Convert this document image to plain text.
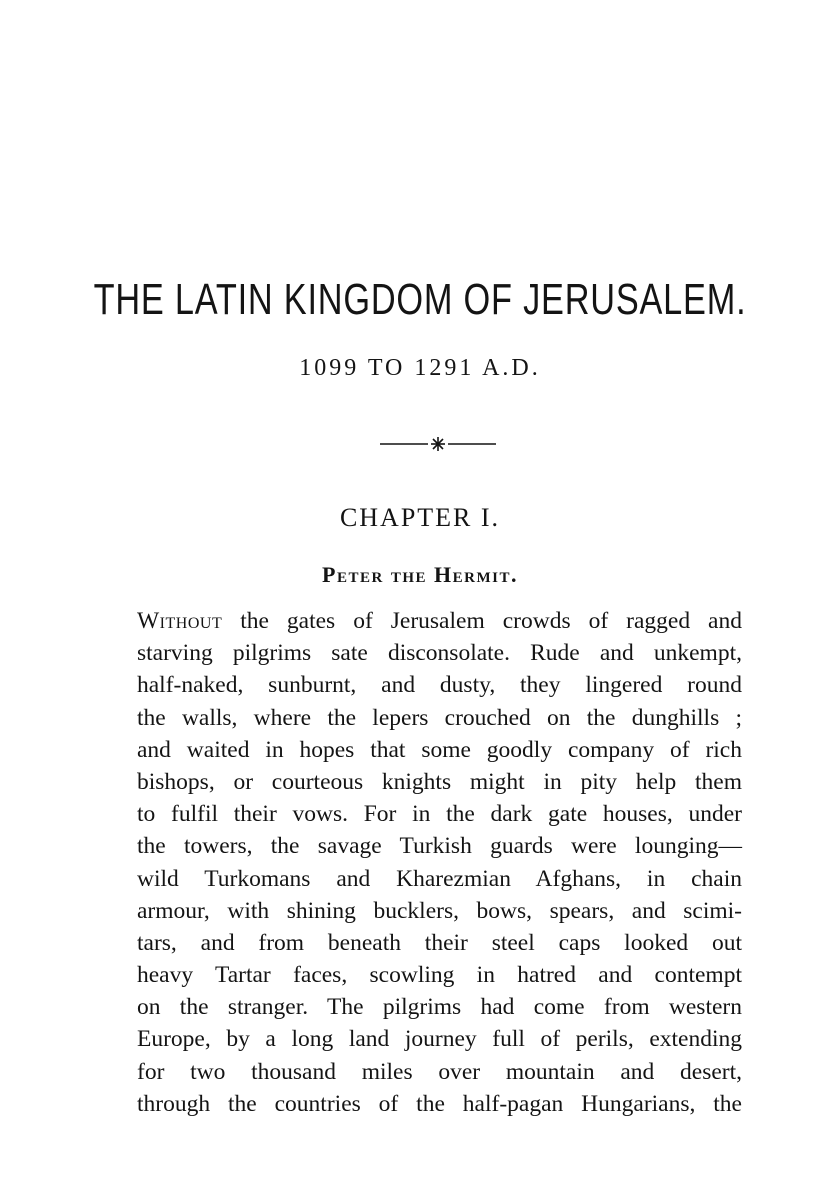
THE LATIN KINGDOM OF JERUSALEM.

1099 TO 1291 A.D.

CHAPTER I.
Peter the Hermit.
Without the gates of Jerusalem crowds of ragged and
starving pilgrims sate disconsolate. Rude and unkempt,
half-naked, sunburnt, and dusty, they lingered round
the walls, where the lepers crouched on the dunghills ;
and waited in hopes that some goodly company of rich
bishops, or courteous knights might in pity help them
to fulfil their vows. For in the dark gate houses, under
the towers, the savage Turkish guards were lounging—
wild Turkomans and Kharezmian Afghans, in chain
armour, with shining bucklers, bows, spears, and scimi-
tars, and from beneath their steel caps looked out
heavy Tartar faces, scowling in hatred and contempt
on the stranger. The pilgrims had come from western
Europe, by a long land journey full of perils, extending
for two thousand miles over mountain and desert,
through the countries of the half-pagan Hungarians, the
